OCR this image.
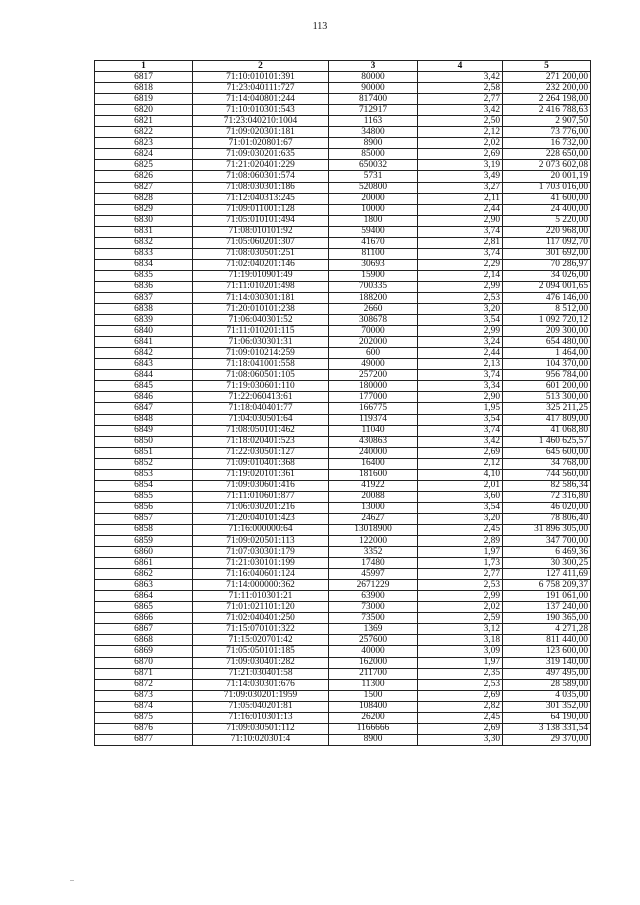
113
1	2	3	4	5
6817	71:10:010101:391	80000	3,42	271 200,00
6818	71:23:040111:727	90000	2,58	232 200,00
6819	71:14:040801:244	817400	2,77	2 264 198,00
6820	71:10:010301:543	712917	3,42	2 416 788,63
6821	71:23:040210:1004	1163	2,50	2 907,50
6822	71:09:020301:181	34800	2,12	73 776,00
6823	71:01:020801:67	8900	2,02	16 732,00
6824	71:09:030201:635	85000	2,69	228 650,00
6825	71:21:020401:229	650032	3,19	2 073 602,08
6826	71:08:060301:574	5731	3,49	20 001,19
6827	71:08:030301:186	520800	3,27	1 703 016,00
6828	71:12:040313:245	20000	2,11	41 600,00
6829	71:09:011001:128	10000	2,44	24 400,00
6830	71:05:010101:494	1800	2,90	5 220,00
6831	71:08:010101:92	59400	3,74	220 968,00
6832	71:05:060201:307	41670	2,81	117 092,70
6833	71:08:030501:251	81100	3,74	301 692,00
6834	71:02:040201:146	30693	2,29	70 286,97
6835	71:19:010901:49	15900	2,14	34 026,00
6836	71:11:010201:498	700335	2,99	2 094 001,65
6837	71:14:030301:181	188200	2,53	476 146,00
6838	71:20:010101:238	2660	3,20	8 512,00
6839	71:06:040301:52	308678	3,54	1 092 720,12
6840	71:11:010201:115	70000	2,99	209 300,00
6841	71:06:030301:31	202000	3,24	654 480,00
6842	71:09:010214:259	600	2,44	1 464,00
6843	71:18:041001:558	49000	2,13	104 370,00
6844	71:08:060501:105	257200	3,74	956 784,00
6845	71:19:030601:110	180000	3,34	601 200,00
6846	71:22:060413:61	177000	2,90	513 300,00
6847	71:18:040401:77	166775	1,95	325 211,25
6848	71:04:030501:64	119374	3,54	417 809,00
6849	71:08:050101:462	11040	3,74	41 068,80
6850	71:18:020401:523	430863	3,42	1 460 625,57
6851	71:22:030501:127	240000	2,69	645 600,00
6852	71:09:010401:368	16400	2,12	34 768,00
6853	71:19:020101:361	181600	4,10	744 560,00
6854	71:09:030601:416	41922	2,01	82 586,34
6855	71:11:010601:877	20088	3,60	72 316,80
6856	71:06:030201:216	13000	3,54	46 020,00
6857	71:20:040101:423	24627	3,20	78 806,40
6858	71:16:000000:64	13018900	2,45	31 896 305,00
6859	71:09:020501:113	122000	2,89	347 700,00
6860	71:07:030301:179	3352	1,97	6 469,36
6861	71:21:030101:199	17480	1,73	30 300,25
6862	71:16:040601:124	45997	2,77	127 411,69
6863	71:14:000000:362	2671229	2,53	6 758 209,37
6864	71:11:010301:21	63900	2,99	191 061,00
6865	71:01:021101:120	73000	2,02	137 240,00
6866	71:02:040401:250	73500	2,59	190 365,00
6867	71:15:070101:322	1369	3,12	4 271,28
6868	71:15:020701:42	257600	3,18	811 440,00
6869	71:05:050101:185	40000	3,09	123 600,00
6870	71:09:030401:282	162000	1,97	319 140,00
6871	71:21:030401:58	211700	2,35	497 495,00
6872	71:14:030301:676	11300	2,53	28 589,00
6873	71:09:030201:1959	1500	2,69	4 035,00
6874	71:05:040201:81	108400	2,82	301 352,00
6875	71:16:010301:13	26200	2,45	64 190,00
6876	71:09:030501:112	1166666	2,69	3 138 331,54
6877	71:10:020301:4	8900	3,30	29 370,00
